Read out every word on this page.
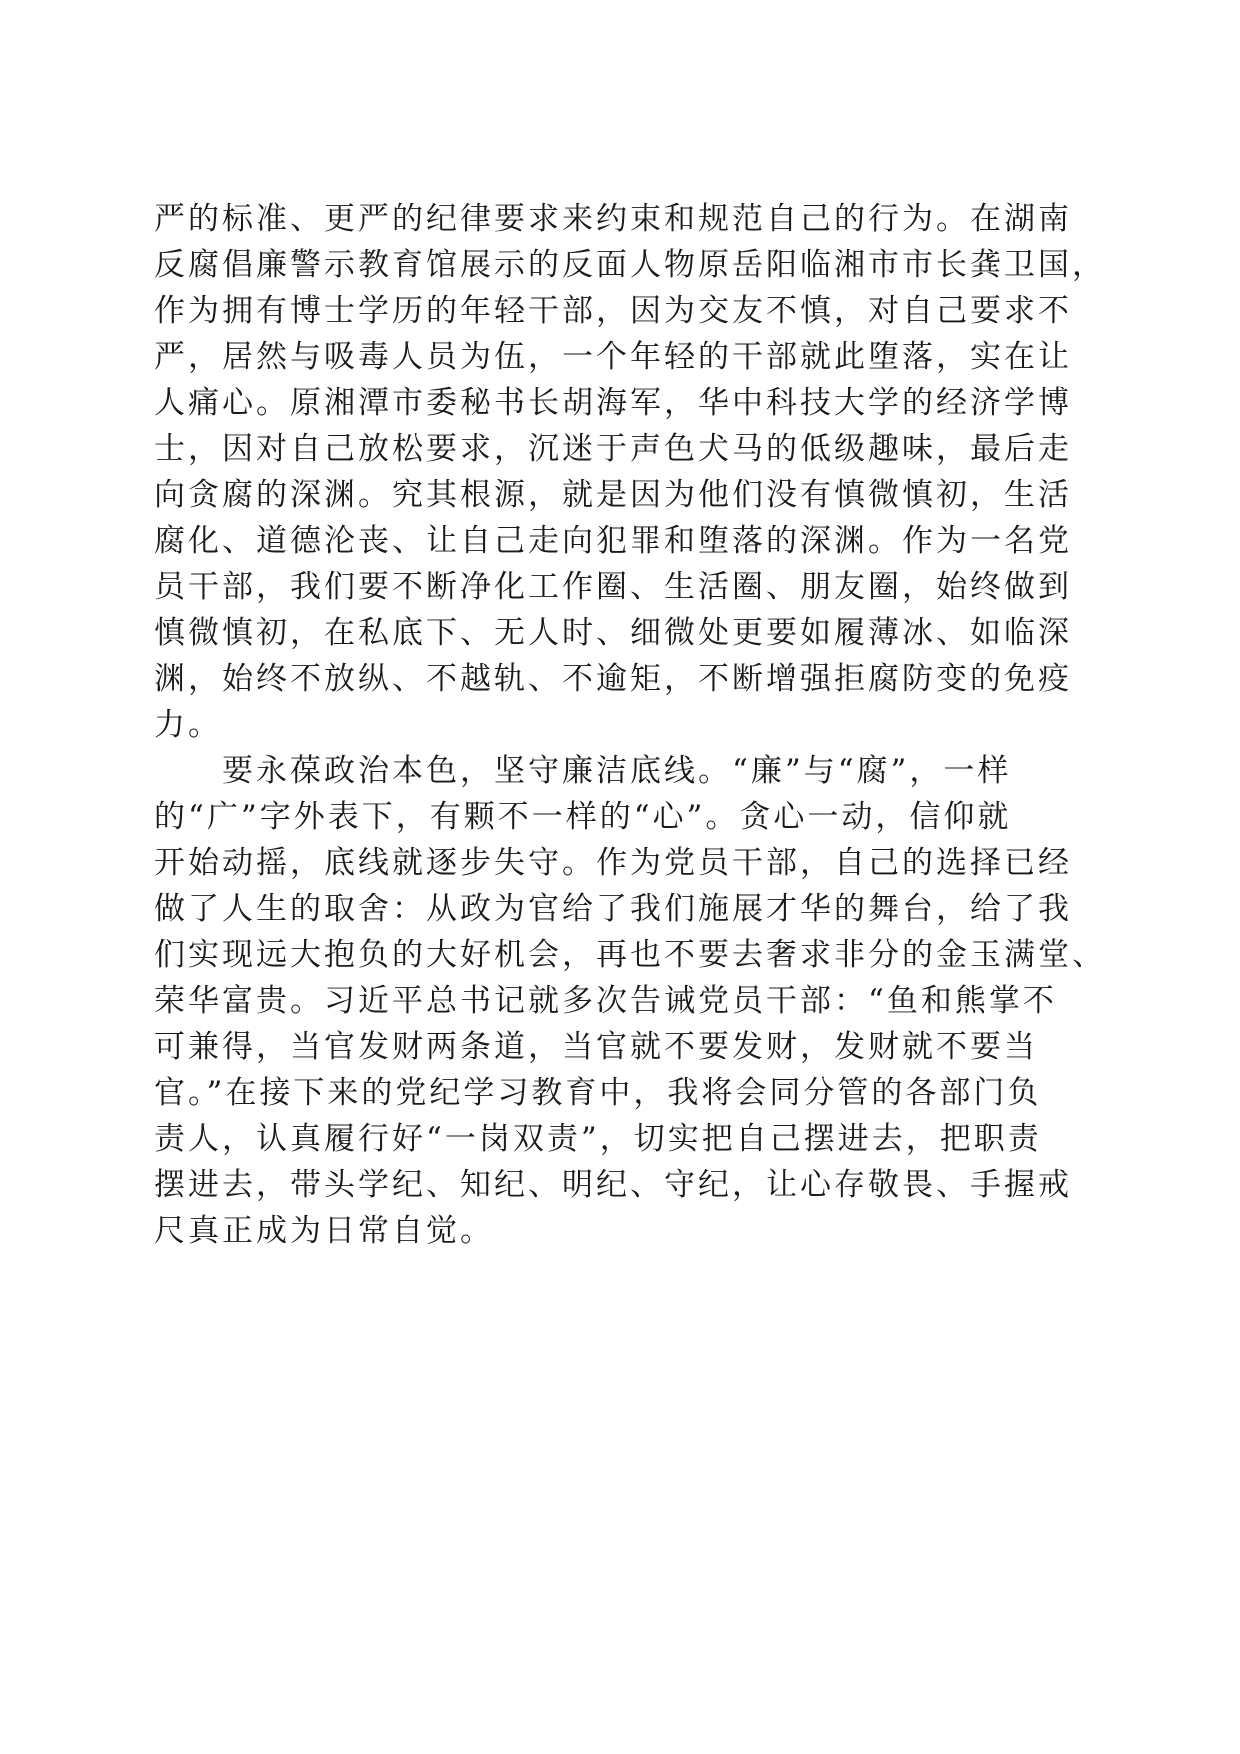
严的标准、更严的纪律要求来约束和规范自己的行为。在湖南
反腐倡廉警示教育馆展示的反面人物原岳阳临湘市市长龚卫国，
作为拥有博士学历的年轻干部，因为交友不慎，对自己要求不
严，居然与吸毒人员为伍，一个年轻的干部就此堕落，实在让
人痛心。原湘潭市委秘书长胡海军，华中科技大学的经济学博
士，因对自己放松要求，沉迷于声色犬马的低级趣味，最后走
向贪腐的深渊。究其根源，就是因为他们没有慎微慎初，生活
腐化、道德沦丧、让自己走向犯罪和堕落的深渊。作为一名党
员干部，我们要不断净化工作圈、生活圈、朋友圈，始终做到
慎微慎初，在私底下、无人时、细微处更要如履薄冰、如临深
渊，始终不放纵、不越轨、不逾矩，不断增强拒腐防变的免疫
力。
　　要永葆政治本色，坚守廉洁底线。“廉”与“腐”，一样
的“广”字外表下，有颗不一样的“心”。贪心一动，信仰就
开始动摇，底线就逐步失守。作为党员干部，自己的选择已经
做了人生的取舍：从政为官给了我们施展才华的舞台，给了我
们实现远大抱负的大好机会，再也不要去奢求非分的金玉满堂、
荣华富贵。习近平总书记就多次告诫党员干部：“鱼和熊掌不
可兼得，当官发财两条道，当官就不要发财，发财就不要当
官。”在接下来的党纪学习教育中，我将会同分管的各部门负
责人，认真履行好“一岗双责”，切实把自己摆进去，把职责
摆进去，带头学纪、知纪、明纪、守纪，让心存敬畏、手握戒
尺真正成为日常自觉。
